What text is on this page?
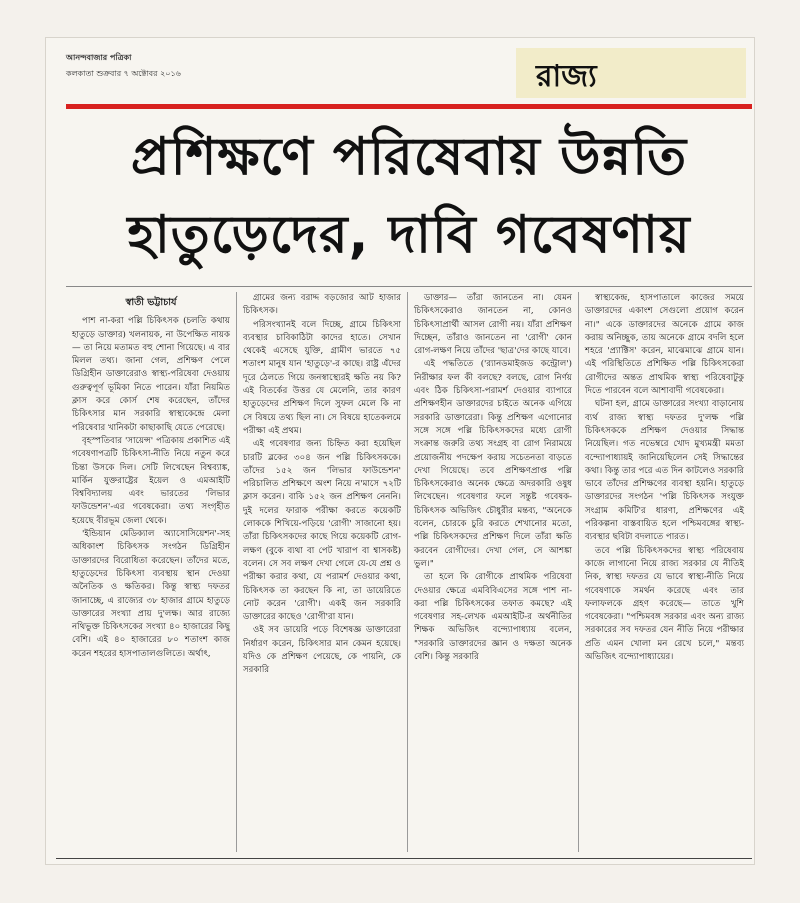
আনন্দবাজার পত্রিকা
কলকাতা শুক্রবার ৭ অক্টোবর ২০১৬	রাজ্য
প্রশিক্ষণে পরিষেবায় উন্নতি
হাতুড়েদের, দাবি গবেষণায়
স্বাতী ভট্টাচার্য

পাশ না-করা পল্লি চিকিৎসক (চলতি কথায় হাতুড়ে ডাক্তার) খলনায়ক, না উপেক্ষিত নায়ক— তা নিয়ে মতামত বহু শোনা গিয়েছে। এ বার মিলল তথ্য। জানা গেল, প্রশিক্ষণ পেলে ডিগ্রিহীন ডাক্তারেরাও স্বাস্থ্য-পরিষেবা দেওয়ায় গুরুত্বপূর্ণ ভূমিকা নিতে পারেন। যাঁরা নিয়মিত ক্লাস করে কোর্স শেষ করেছেন, তাঁদের চিকিৎসার মান সরকারি স্বাস্থ্যকেন্দ্রে মেলা পরিষেবার খানিকটা কাছাকাছি যেতে পেরেছে।

বৃহস্পতিবার 'সায়েন্স' পত্রিকায় প্রকাশিত এই গবেষণাপত্রটি চিকিৎসা-নীতি নিয়ে নতুন করে চিন্তা উসকে দিল। সেটি লিখেছেন বিশ্বব্যাঙ্ক, মার্কিন যুক্তরাষ্ট্রের ইয়েল ও এমআইটি বিশ্ববিদ্যালয় এবং ভারতের 'লিভার ফাউন্ডেশন'-এর গবেষকেরা। তথ্য সংগৃহীত হয়েছে বীরভূম জেলা থেকে।

'ইন্ডিয়ান মেডিক্যাল অ্যাসোসিয়েশন'-সহ অধিকাংশ চিকিৎসক সংগঠন ডিগ্রিহীন ডাক্তারদের বিরোধিতা করেছেন। তাঁদের মতে, হাতুড়েদের চিকিৎসা ব্যবস্থায় স্থান দেওয়া অনৈতিক ও ক্ষতিকর। কিন্তু স্বাস্থ্য দফতর জানাচ্ছে, এ রাজ্যের ৩৮ হাজার গ্রামে হাতুড়ে ডাক্তারের সংখ্যা প্রায় দু'লক্ষ। আর রাজ্যে নথিভুক্ত চিকিৎসকের সংখ্যা ৪০ হাজারের কিছু বেশি। এই ৪০ হাজারের ৮০ শতাংশ কাজ করেন শহরের হাসপাতালগুলিতে। অর্থাৎ,

গ্রামের জন্য বরাদ্দ বড়জোর আট হাজার চিকিৎসক।

পরিসংখ্যানই বলে দিচ্ছে, গ্রামে চিকিৎসা ব্যবস্থার চাবিকাঠিটা কাদের হাতে। সেখান থেকেই এসেছে যুক্তি, গ্রামীণ ভারতে ৭৫ শতাংশ মানুষ যান 'হাতুড়ে'-র কাছে। রাষ্ট্র এঁদের দূরে ঠেলতে গিয়ে জনস্বাস্থ্যেরই ক্ষতি নয় কি? এই বিতর্কের উত্তর যে মেলেনি, তার কারণ হাতুড়েদের প্রশিক্ষণ দিলে সুফল মেলে কি না সে বিষয়ে তথ্য ছিল না। সে বিষয়ে হাতেকলমে পরীক্ষা এই প্রথম।

এই গবেষণার জন্য চিহ্নিত করা হয়েছিল চারটি ব্লকের ৩০৪ জন পল্লি চিকিৎসককে। তাঁদের ১৫২ জন 'লিভার ফাউন্ডেশন' পরিচালিত প্রশিক্ষণে অংশ নিয়ে ন'মাসে ৭২টি ক্লাস করেন। বাকি ১৫২ জন প্রশিক্ষণ নেননি। দুই দলের ফারাক পরীক্ষা করতে কয়েকটি লোককে শিখিয়ে-পড়িয়ে 'রোগী' সাজানো হয়। তাঁরা চিকিৎসকদের কাছে গিয়ে কয়েকটি রোগ-লক্ষণ (বুকে ব্যথা বা পেট খারাপ বা শ্বাসকষ্ট) বলেন। সে সব লক্ষণ দেখা গেলে যে-যে প্রশ্ন ও পরীক্ষা করার কথা, যে পরামর্শ দেওয়ার কথা, চিকিৎসক তা করছেন কি না, তা ডায়েরিতে নোট করেন 'রোগী'। একই জন সরকারি ডাক্তারের কাছেও 'রোগী'রা যান।

ওই সব ডায়েরি পড়ে বিশেষজ্ঞ ডাক্তারেরা নির্ধারণ করেন, চিকিৎসার মান কেমন হয়েছে। যদিও কে প্রশিক্ষণ পেয়েছে, কে পায়নি, কে সরকারি

ডাক্তার— তাঁরা জানতেন না। যেমন চিকিৎসকেরাও জানতেন না, কোনও চিকিৎসাপ্রার্থী আসল রোগী নয়। যাঁরা প্রশিক্ষণ দিচ্ছেন, তাঁরাও জানতেন না 'রোগী' কোন রোগ-লক্ষণ নিয়ে তাঁদের 'ছাত্র'দের কাছে যাবে।

এই পদ্ধতিতে ('র‍্যানডমাইজড কন্ট্রোল') নিরীক্ষার ফল কী বলছে? বলছে, রোগ নির্ণয় এবং ঠিক চিকিৎসা-পরামর্শ দেওয়ার ব্যাপারে প্রশিক্ষণহীন ডাক্তারদের চাইতে অনেক এগিয়ে সরকারি ডাক্তারেরা। কিন্তু প্রশিক্ষণ এগোনোর সঙ্গে সঙ্গে পল্লি চিকিৎসকদের মধ্যে রোগী সংক্রান্ত জরুরি তথ্য সংগ্রহ বা রোগ নিরাময়ে প্রয়োজনীয় পদক্ষেপ করায় সচেতনতা বাড়তে দেখা গিয়েছে। তবে প্রশিক্ষণপ্রাপ্ত পল্লি চিকিৎসকেরাও অনেক ক্ষেত্রে অদরকারি ওষুধ লিখেছেন। গবেষণার ফলে সন্তুষ্ট গবেষক-চিকিৎসক অভিজিৎ চৌধুরীর মন্তব্য, "অনেকে বলেন, চোরকে চুরি করতে শেখানোর মতো, পল্লি চিকিৎসকদের প্রশিক্ষণ দিলে তাঁরা ক্ষতি করবেন রোগীদের। দেখা গেল, সে আশঙ্কা ভুল।"

তা হলে কি রোগীকে প্রাথমিক পরিষেবা দেওয়ার ক্ষেত্রে এমবিবিএসের সঙ্গে পাশ না-করা পল্লি চিকিৎসকের তফাত কমছে? এই গবেষণার সহ-লেখক এমআইটি-র অর্থনীতির শিক্ষক অভিজিৎ বন্দ্যোপাধ্যায় বলেন, "সরকারি ডাক্তারদের জ্ঞান ও দক্ষতা অনেক বেশি। কিন্তু সরকারি

স্বাস্থ্যকেন্দ্র, হাসপাতালে কাজের সময়ে ডাক্তারদের একাংশ সেগুলো প্রয়োগ করেন না।" একে ডাক্তারদের অনেকে গ্রামে কাজ করায় অনিচ্ছুক, তায় অনেকে গ্রামে বদলি হলে শহরে 'প্র্যাক্টিস' করেন, মাঝেমাঝে গ্রামে যান। এই পরিস্থিতিতে প্রশিক্ষিত পল্লি চিকিৎসকেরা রোগীদের অন্তত প্রাথমিক স্বাস্থ্য পরিষেবাটুকু দিতে পারবেন বলে আশাবাদী গবেষকেরা।

ঘটনা হল, গ্রামে ডাক্তারের সংখ্যা বাড়ানোয় ব্যর্থ রাজ্য স্বাস্থ্য দফতর দু'লক্ষ পল্লি চিকিৎসককে প্রশিক্ষণ দেওয়ার সিদ্ধান্ত নিয়েছিল। গত নভেম্বরে খোদ মুখ্যমন্ত্রী মমতা বন্দ্যোপাধ্যায়ই জানিয়েছিলেন সেই সিদ্ধান্তের কথা। কিন্তু তার পরে এত দিন কাটলেও সরকারি ভাবে তাঁদের প্রশিক্ষণের ব্যবস্থা হয়নি। হাতুড়ে ডাক্তারদের সংগঠন 'পল্লি চিকিৎসক সংযুক্ত সংগ্রাম কমিটি'র ধারণা, প্রশিক্ষণের এই পরিকল্পনা বাস্তবায়িত হলে পশ্চিমবঙ্গের স্বাস্থ্য-ব্যবস্থার ছবিটা বদলাতে পারত।

তবে পল্লি চিকিৎসকদের স্বাস্থ্য পরিষেবায় কাজে লাগানো নিয়ে রাজ্য সরকার যে নীতিই নিক, স্বাস্থ্য দফতর যে ভাবে স্বাস্থ্য-নীতি নিয়ে গবেষণাকে সমর্থন করেছে এবং তার ফলাফলকে গ্রহণ করেছে— তাতে খুশি গবেষকেরা। "পশ্চিমবঙ্গ সরকার এবং অন্য রাজ্য সরকারের সব দফতর যেন নীতি নিয়ে পরীক্ষার প্রতি এমন খোলা মন রেখে চলে," মন্তব্য অভিজিৎ বন্দ্যোপাধ্যায়ের।
